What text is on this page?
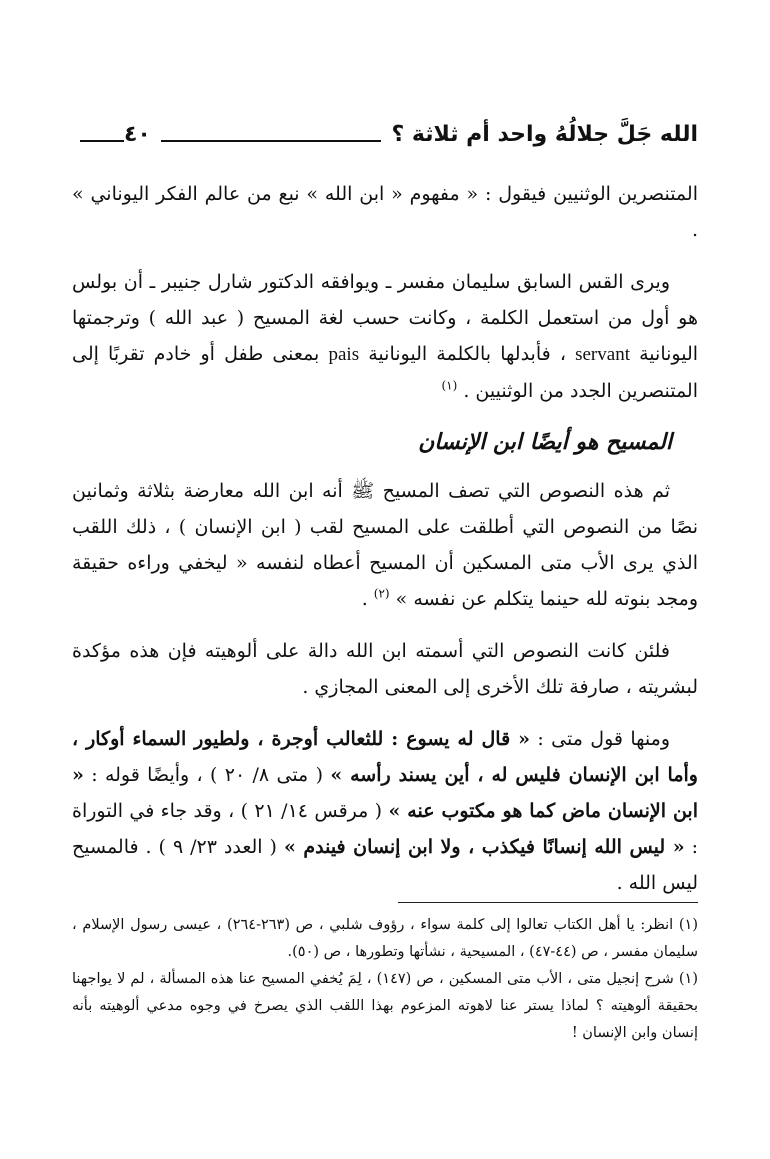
الله جَلَّ جلالُهُ واحد أم ثلاثة ؟
٤٠

المتنصرين الوثنيين فيقول : « مفهوم « ابن الله » نبع من عالم الفكر اليوناني » .

ويرى القس السابق سليمان مفسر ـ ويوافقه الدكتور شارل جنيبر ـ أن بولس هو أول من استعمل الكلمة ، وكانت حسب لغة المسيح ( عبد الله ) وترجمتها اليونانية servant ، فأبدلها بالكلمة اليونانية pais بمعنى طفل أو خادم تقربًا إلى المتنصرين الجدد من الوثنيين . $^{(١)}$

المسيح هو أيضًا ابن الإنسان

ثم هذه النصوص التي تصف المسيح ﷺ أنه ابن الله معارضة بثلاثة وثمانين نصًا من النصوص التي أطلقت على المسيح لقب ( ابن الإنسان ) ، ذلك اللقب الذي يرى الأب متى المسكين أن المسيح أعطاه لنفسه « ليخفي وراءه حقيقة ومجد بنوته لله حينما يتكلم عن نفسه » $^{(٢)}$ .

فلئن كانت النصوص التي أسمته ابن الله دالة على ألوهيته فإن هذه مؤكدة لبشريته ، صارفة تلك الأخرى إلى المعنى المجازي .

ومنها قول متى : « قال له يسوع : للثعالب أوجرة ، ولطيور السماء أوكار ، وأما ابن الإنسان فليس له ، أين يسند رأسه » ( متى ٨/ ٢٠ ) ، وأيضًا قوله : « ابن الإنسان ماض كما هو مكتوب عنه » ( مرقس ١٤/ ٢١ ) ، وقد جاء في التوراة : « ليس الله إنسانًا فيكذب ، ولا ابن إنسان فيندم » ( العدد ٢٣/ ٩ ) . فالمسيح ليس الله .

(١) انظر: يا أهل الكتاب تعالوا إلى كلمة سواء ، رؤوف شلبي ، ص (٢٦٣-٢٦٤) ، عيسى رسول الإسلام ، سليمان مفسر ، ص (٤٤-٤٧) ، المسيحية ، نشأتها وتطورها ، ص (٥٠).

(١) شرح إنجيل متى ، الأب متى المسكين ، ص (١٤٧) ، لِمَ يُخفي المسيح عنا هذه المسألة ، لم لا يواجهنا بحقيقة ألوهيته ؟ لماذا يستر عنا لاهوته المزعوم بهذا اللقب الذي يصرخ في وجوه مدعي ألوهيته بأنه إنسان وابن الإنسان !
